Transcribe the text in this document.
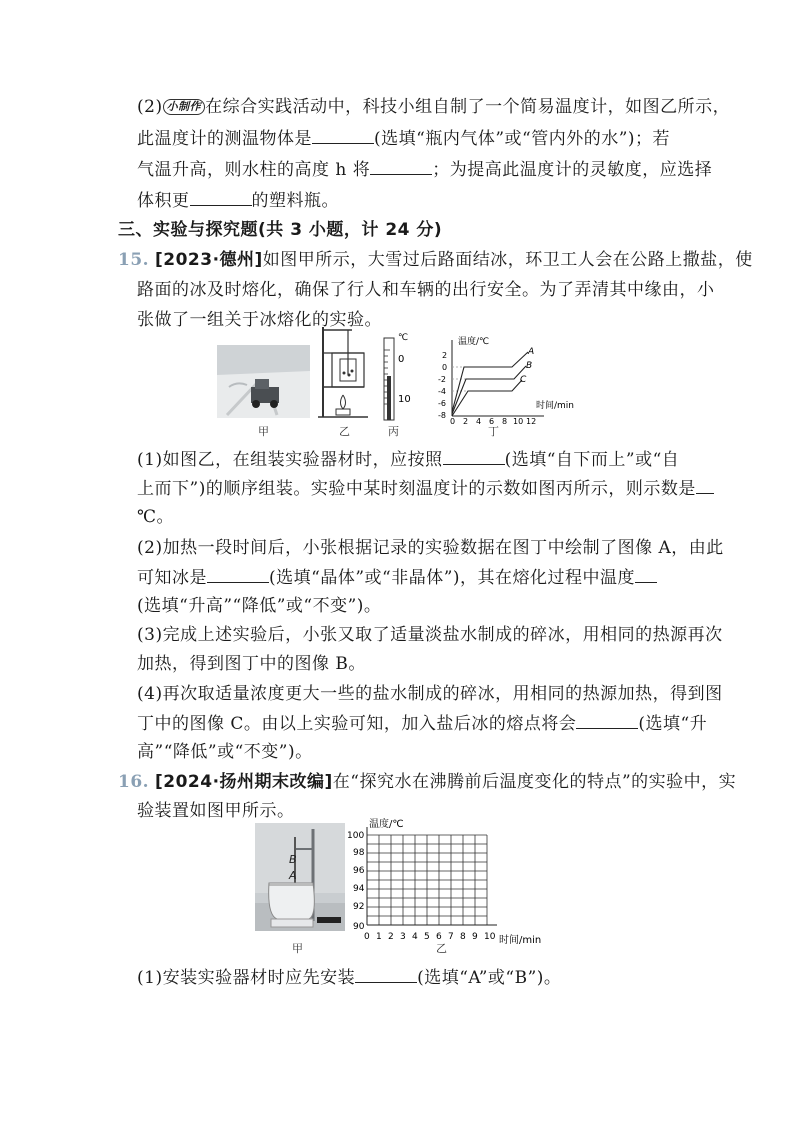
(2) 小制作 在综合实践活动中，科技小组自制了一个简易温度计，如图乙所示，
此温度计的测温物体是	(选填“瓶内气体”或“管内外的水”)；若
气温升高，则水柱的高度 h 将	；为提高此温度计的灵敏度，应选择
体积更	的塑料瓶。
三、实验与探究题(共 3 小题，计 24 分)
15. [2023·德州]如图甲所示，大雪过后路面结冰，环卫工人会在公路上撒盐，使
路面的冰及时熔化，确保了行人和车辆的出行安全。为了弄清其中缘由，小
张做了一组关于冰熔化的实验。
℃
0
10
温度/℃
时间/min
2
0
-2
-4
-6
-8
0 2 4 6 8 10 12
A
B
C
甲	乙	丙	丁
(1)如图乙，在组装实验器材时，应按照	(选填“自下而上”或“自
上而下”)的顺序组装。实验中某时刻温度计的示数如图丙所示，则示数是
℃。
(2)加热一段时间后，小张根据记录的实验数据在图丁中绘制了图像 A，由此
可知冰是	(选填“晶体”或“非晶体”)，其在熔化过程中温度
(选填“升高”“降低”或“不变”)。
(3)完成上述实验后，小张又取了适量淡盐水制成的碎冰，用相同的热源再次
加热，得到图丁中的图像 B。
(4)再次取适量浓度更大一些的盐水制成的碎冰，用相同的热源加热，得到图
丁中的图像 C。由以上实验可知，加入盐后冰的熔点将会	(选填“升
高”“降低”或“不变”)。
16. [2024·扬州期末改编]在“探究水在沸腾前后温度变化的特点”的实验中，实
验装置如图甲所示。
B
A
温度/℃
时间/min
100
98
96
94
92
90
0 1 2 3 4 5 6 7 8 9 10
甲	乙
(1)安装实验器材时应先安装	(选填“A”或“B”)。
